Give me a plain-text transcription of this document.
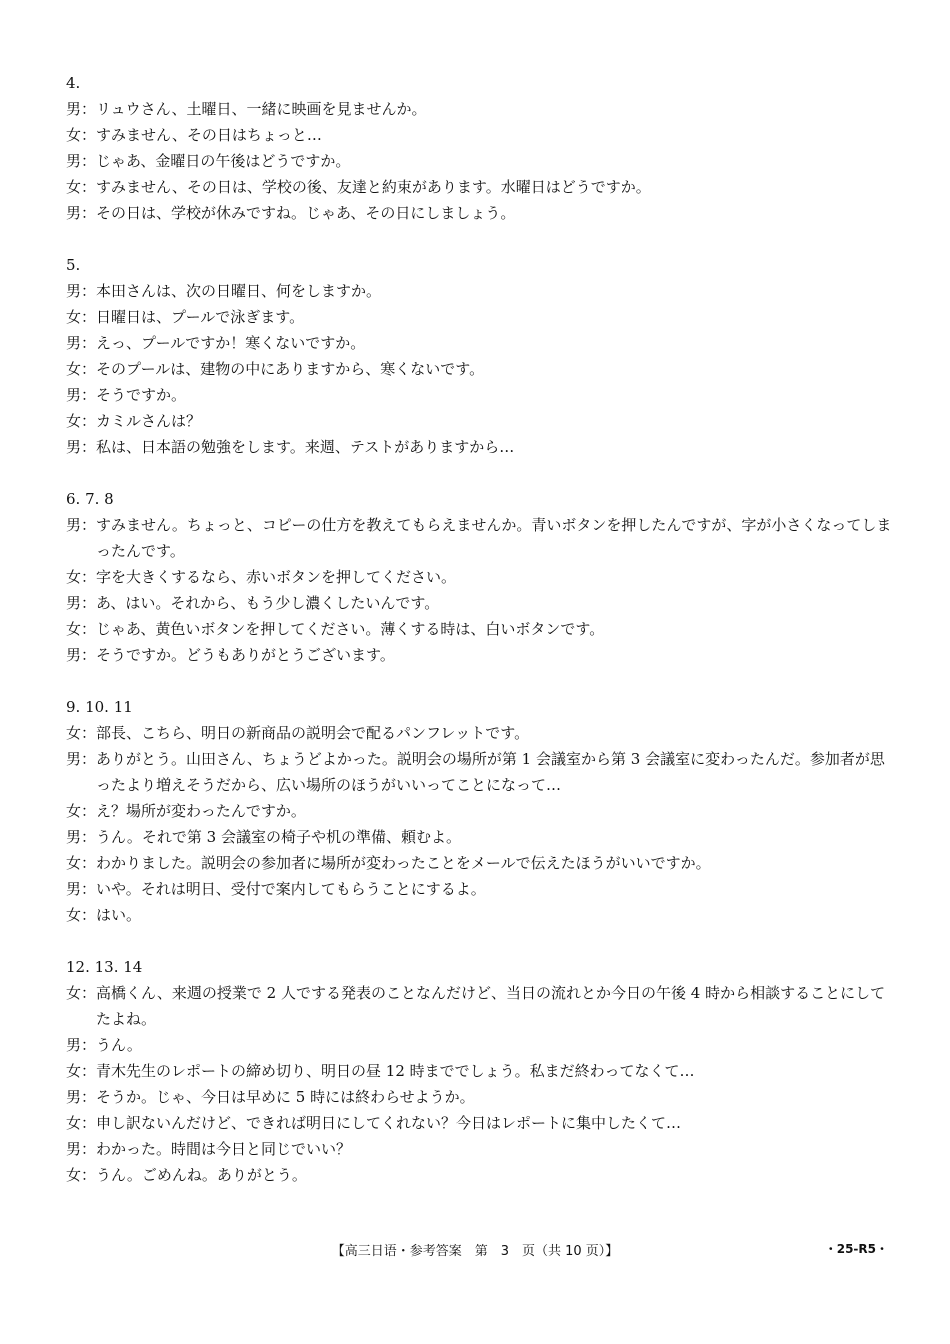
4.
男： リュウさん、土曜日、一緒に映画を見ませんか。
女： すみません、その日はちょっと…
男： じゃあ、金曜日の午後はどうですか。
女： すみません、その日は、学校の後、友達と約束があります。水曜日はどうですか。
男： その日は、学校が休みですね。じゃあ、その日にしましょう。
5.
男： 本田さんは、次の日曜日、何をしますか。
女： 日曜日は、プールで泳ぎます。
男： えっ、プールですか！寒くないですか。
女： そのプールは、建物の中にありますから、寒くないです。
男： そうですか。
女： カミルさんは？
男： 私は、日本語の勉強をします。来週、テストがありますから…
6. 7. 8
男： すみません。ちょっと、コピーの仕方を教えてもらえませんか。青いボタンを押したんですが、字が小さくなってしまったんです。
女： 字を大きくするなら、赤いボタンを押してください。
男： あ、はい。それから、もう少し濃くしたいんです。
女： じゃあ、黄色いボタンを押してください。薄くする時は、白いボタンです。
男： そうですか。どうもありがとうございます。
9. 10. 11
女： 部長、こちら、明日の新商品の説明会で配るパンフレットです。
男： ありがとう。山田さん、ちょうどよかった。説明会の場所が第 1 会議室から第 3 会議室に変わったんだ。参加者が思ったより増えそうだから、広い場所のほうがいいってことになって…
女： え？場所が変わったんですか。
男： うん。それで第 3 会議室の椅子や机の準備、頼むよ。
女： わかりました。説明会の参加者に場所が変わったことをメールで伝えたほうがいいですか。
男： いや。それは明日、受付で案内してもらうことにするよ。
女： はい。
12. 13. 14
女： 高橋くん、来週の授業で 2 人でする発表のことなんだけど、当日の流れとか今日の午後 4 時から相談することにしてたよね。
男： うん。
女： 青木先生のレポートの締め切り、明日の昼 12 時まででしょう。私まだ終わってなくて…
男： そうか。じゃ、今日は早めに 5 時には終わらせようか。
女： 申し訳ないんだけど、できれば明日にしてくれない？今日はレポートに集中したくて…
男： わかった。時間は今日と同じでいい？
女： うん。ごめんね。ありがとう。
【高三日语・参考答案　第　3　页（共 10 页）】	・25-R5・
